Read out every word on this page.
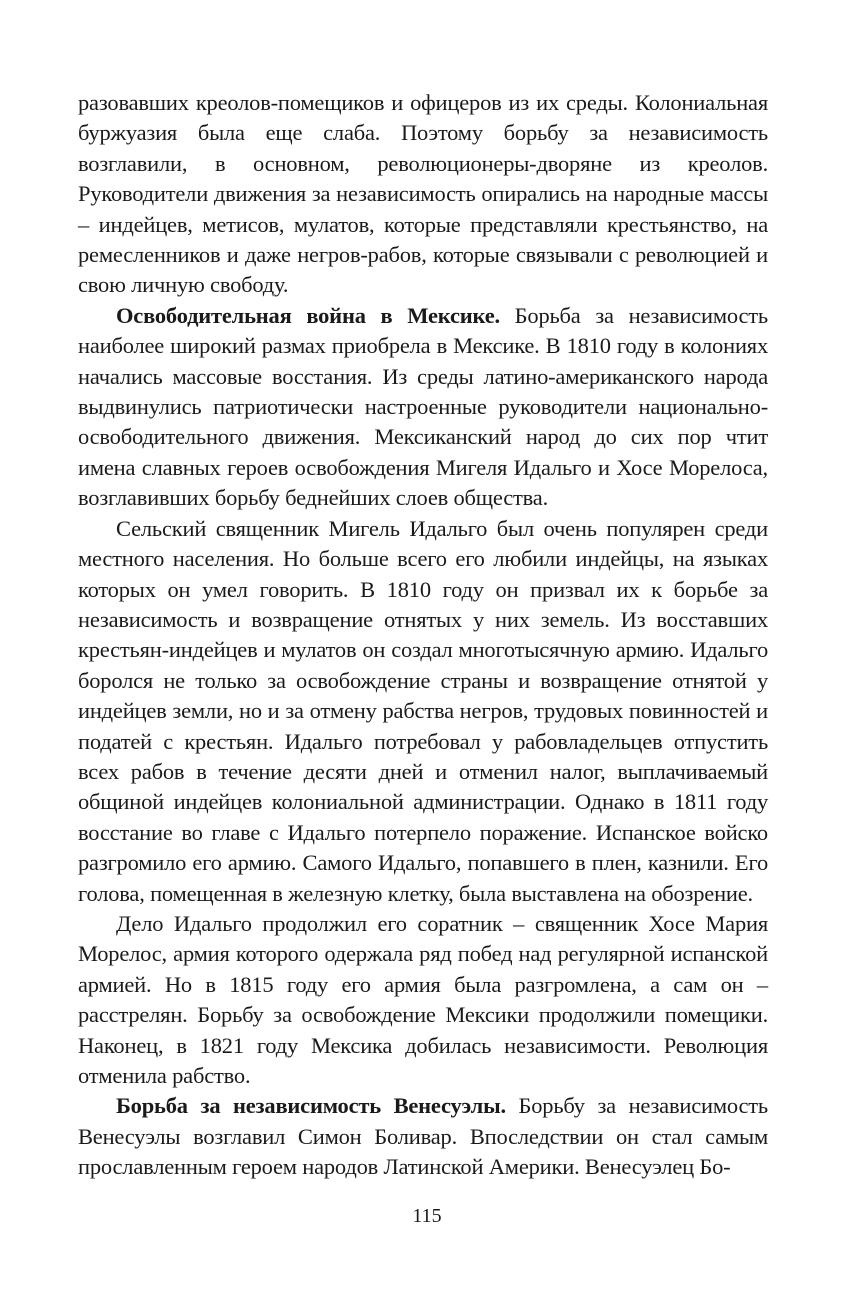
разовавших креолов-помещиков и офицеров из их среды. Колониальная буржуазия была еще слаба. Поэтому борьбу за независимость возглавили, в основном, революционеры-дворяне из креолов. Руководители движения за независимость опирались на народные массы – индейцев, метисов, мулатов, которые представляли крестьянство, на ремесленников и даже негров-рабов, которые связывали с революцией и свою личную свободу.

Освободительная война в Мексике. Борьба за независимость наиболее широкий размах приобрела в Мексике. В 1810 году в колониях начались массовые восстания. Из среды латино-американского народа выдвинулись патриотически настроенные руководители национально-освободительного движения. Мексиканский народ до сих пор чтит имена славных героев освобождения Мигеля Идальго и Хосе Морелоса, возглавивших борьбу беднейших слоев общества.

Сельский священник Мигель Идальго был очень популярен среди местного населения. Но больше всего его любили индейцы, на языках которых он умел говорить. В 1810 году он призвал их к борьбе за независимость и возвращение отнятых у них земель. Из восставших крестьян-индейцев и мулатов он создал многотысячную армию. Идальго боролся не только за освобождение страны и возвращение отнятой у индейцев земли, но и за отмену рабства негров, трудовых повинностей и податей с крестьян. Идальго потребовал у рабовладельцев отпустить всех рабов в течение десяти дней и отменил налог, выплачиваемый общиной индейцев колониальной администрации. Однако в 1811 году восстание во главе с Идальго потерпело поражение. Испанское войско разгромило его армию. Самого Идальго, попавшего в плен, казнили. Его голова, помещенная в железную клетку, была выставлена на обозрение.

Дело Идальго продолжил его соратник – священник Хосе Мария Морелос, армия которого одержала ряд побед над регулярной испанской армией. Но в 1815 году его армия была разгромлена, а сам он – расстрелян. Борьбу за освобождение Мексики продолжили помещики. Наконец, в 1821 году Мексика добилась независимости. Революция отменила рабство.

Борьба за независимость Венесуэлы. Борьбу за независимость Венесуэлы возглавил Симон Боливар. Впоследствии он стал самым прославленным героем народов Латинской Америки. Венесуэлец Бо-

115
